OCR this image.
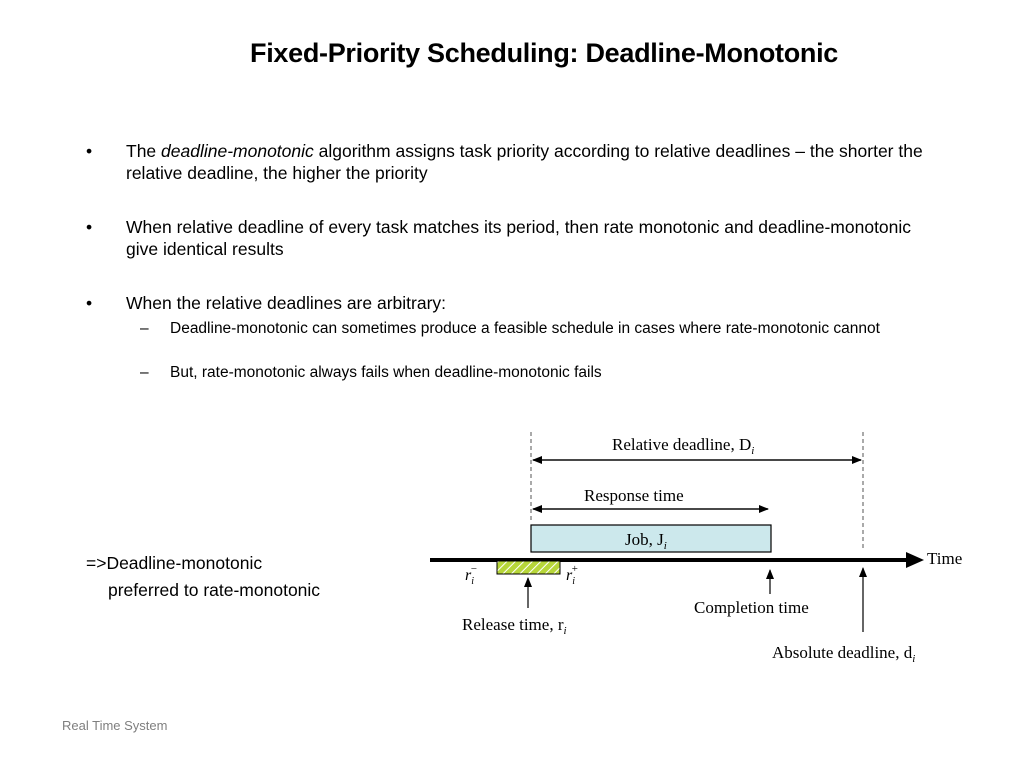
Fixed-Priority Scheduling: Deadline-Monotonic
• The deadline-monotonic algorithm assigns task priority according to relative deadlines – the shorter the relative deadline, the higher the priority
• When relative deadline of every task matches its period, then rate monotonic and deadline-monotonic give identical results
• When the relative deadlines are arbitrary:
– Deadline-monotonic can sometimes produce a feasible schedule in cases where rate-monotonic cannot
– But, rate-monotonic always fails when deadline-monotonic fails
=>Deadline-monotonic
preferred to rate-monotonic
Relative deadline, $D_i$
Response time
Job, $J_i$
Time
$r_i-$	$r_i+$
Release time, $r_i$
Completion time
Absolute deadline, $d_i$
Real Time System
